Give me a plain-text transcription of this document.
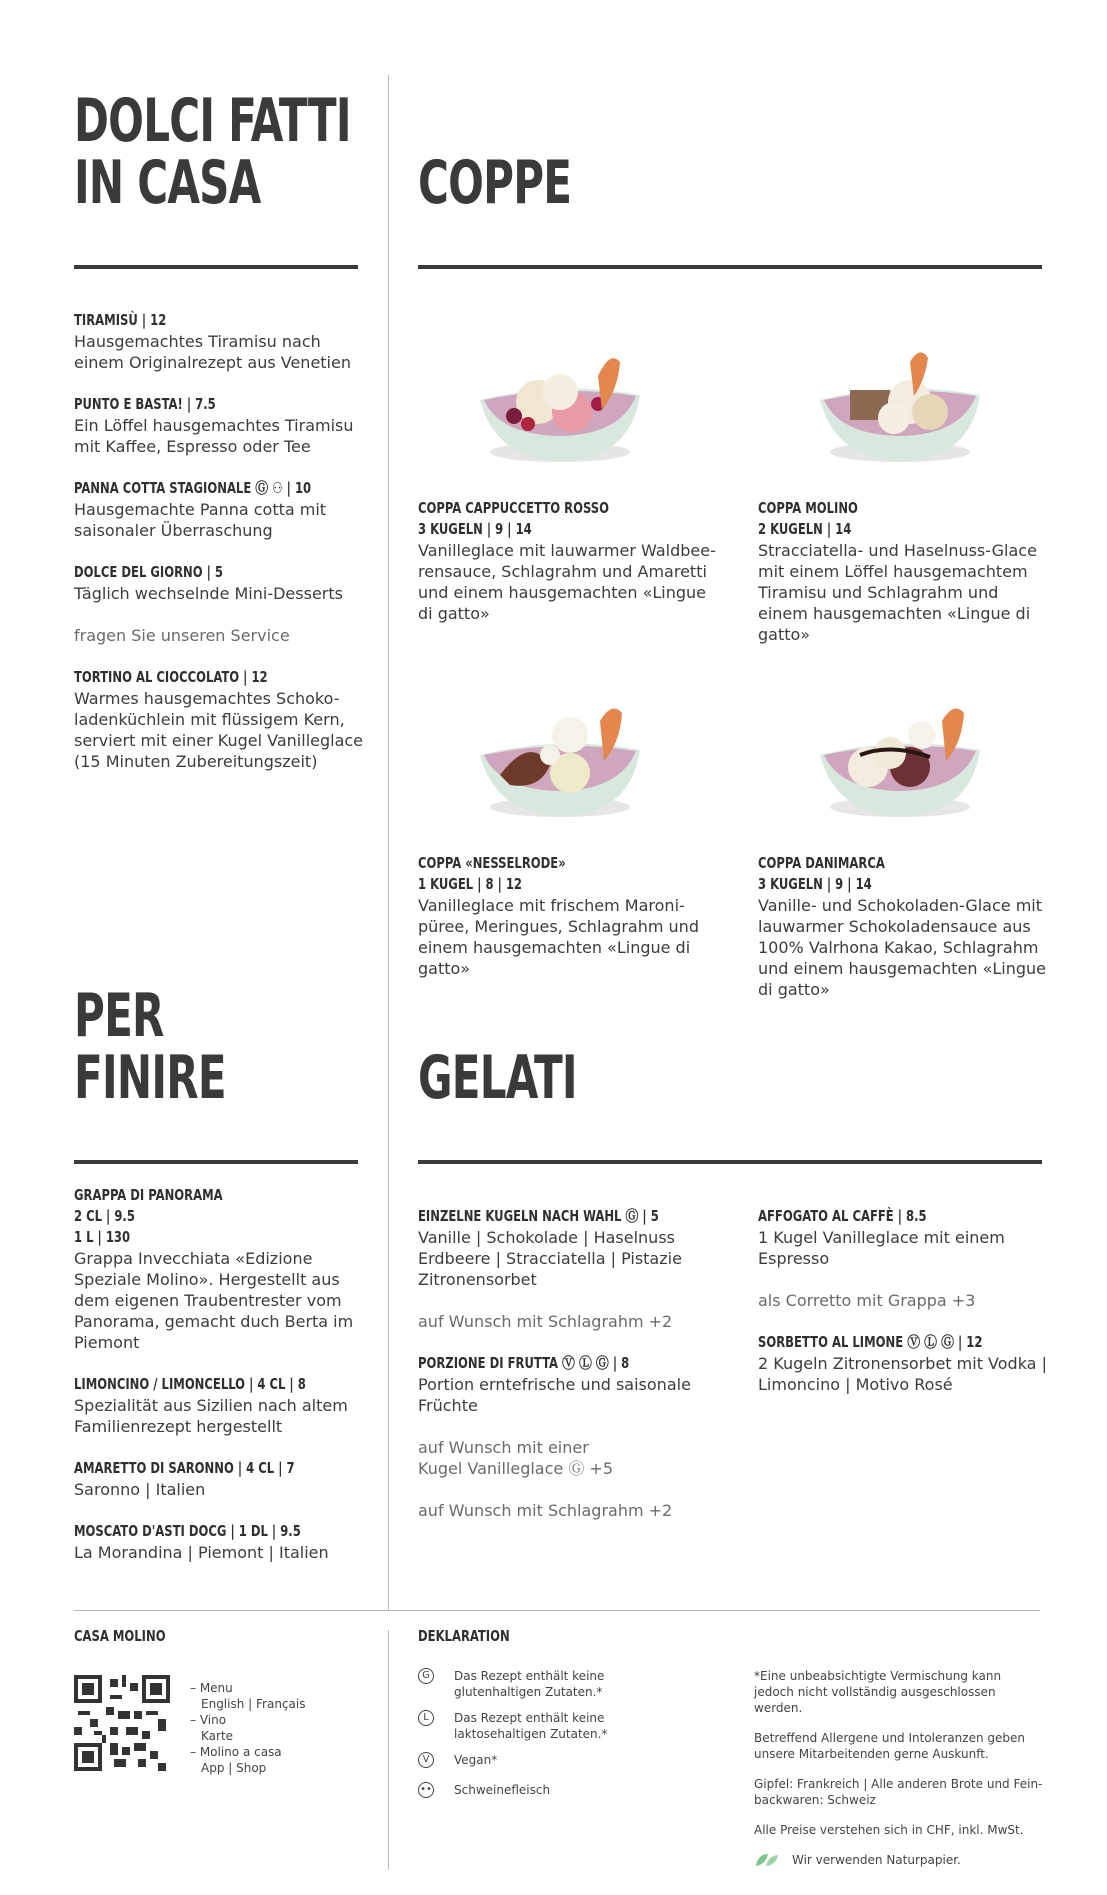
DOLCI FATTI
IN CASA	COPPE
TIRAMISÙ | 12
Hausgemachtes Tiramisu nach einem Originalrezept aus Venetien
PUNTO E BASTA! | 7.5
Ein Löffel hausgemachtes Tiramisu mit Kaffee, Espresso oder Tee
PANNA COTTA STAGIONALE Ⓖ ⚇ | 10
Hausgemachte Panna cotta mit saisonaler Überraschung
DOLCE DEL GIORNO | 5
Täglich wechselnde Mini-Desserts
fragen Sie unseren Service
TORTINO AL CIOCCOLATO | 12
Warmes hausgemachtes Schoko-ladenküchlein mit flüssigem Kern, serviert mit einer Kugel Vanilleglace (15 Minuten Zubereitungszeit)
COPPA CAPPUCCETTO ROSSO
3 KUGELN | 9 | 14
Vanilleglace mit lauwarmer Waldbee-rensauce, Schlagrahm und Amaretti und einem hausgemachten «Lingue di gatto»
COPPA MOLINO
2 KUGELN | 14
Stracciatella- und Haselnuss-Glace mit einem Löffel hausgemachtem Tiramisu und Schlagrahm und einem hausgemachten «Lingue di gatto»
COPPA «NESSELRODE»
1 KUGEL | 8 | 12
Vanilleglace mit frischem Maroni-püree, Meringues, Schlagrahm und einem hausgemachten «Lingue di gatto»
COPPA DANIMARCA
3 KUGELN | 9 | 14
Vanille- und Schokoladen-Glace mit lauwarmer Schokoladensauce aus 100% Valrhona Kakao, Schlagrahm und einem hausgemachten «Lingue di gatto»
PER
FINIRE	GELATI
GRAPPA DI PANORAMA
2 CL | 9.5
1 L | 130
Grappa Invecchiata «Edizione Speziale Molino». Hergestellt aus dem eigenen Traubentrester vom Panorama, gemacht duch Berta im Piemont
LIMONCINO / LIMONCELLO | 4 CL | 8
Spezialität aus Sizilien nach altem Familienrezept hergestellt
AMARETTO DI SARONNO | 4 CL | 7
Saronno | Italien
MOSCATO D'ASTI DOCG | 1 DL | 9.5
La Morandina | Piemont | Italien
EINZELNE KUGELN NACH WAHL Ⓖ | 5
Vanille | Schokolade | Haselnuss Erdbeere | Stracciatella | Pistazie Zitronensorbet
auf Wunsch mit Schlagrahm +2
PORZIONE DI FRUTTA Ⓥ Ⓛ Ⓖ | 8
Portion erntefrische und saisonale Früchte
auf Wunsch mit einer Kugel Vanilleglace Ⓖ +5
auf Wunsch mit Schlagrahm +2
AFFOGATO AL CAFFÈ | 8.5
1 Kugel Vanilleglace mit einem Espresso
als Corretto mit Grappa +3
SORBETTO AL LIMONE Ⓥ Ⓛ Ⓖ | 12
2 Kugeln Zitronensorbet mit Vodka | Limoncino | Motivo Rosé
CASA MOLINO
– Menu
English | Français
– Vino
Karte
– Molino a casa
App | Shop
DEKLARATION
G	Das Rezept enthält keine glutenhaltigen Zutaten.*
L	Das Rezept enthält keine laktosehaltigen Zutaten.*
V	Vegan*
•• Schweinefleisch
*Eine unbeabsichtigte Vermischung kann jedoch nicht vollständig ausgeschlossen werden.
Betreffend Allergene und Intoleranzen geben unsere Mitarbeitenden gerne Auskunft.
Gipfel: Frankreich | Alle anderen Brote und Fein-backwaren: Schweiz
Alle Preise verstehen sich in CHF, inkl. MwSt.
Wir verwenden Naturpapier.
